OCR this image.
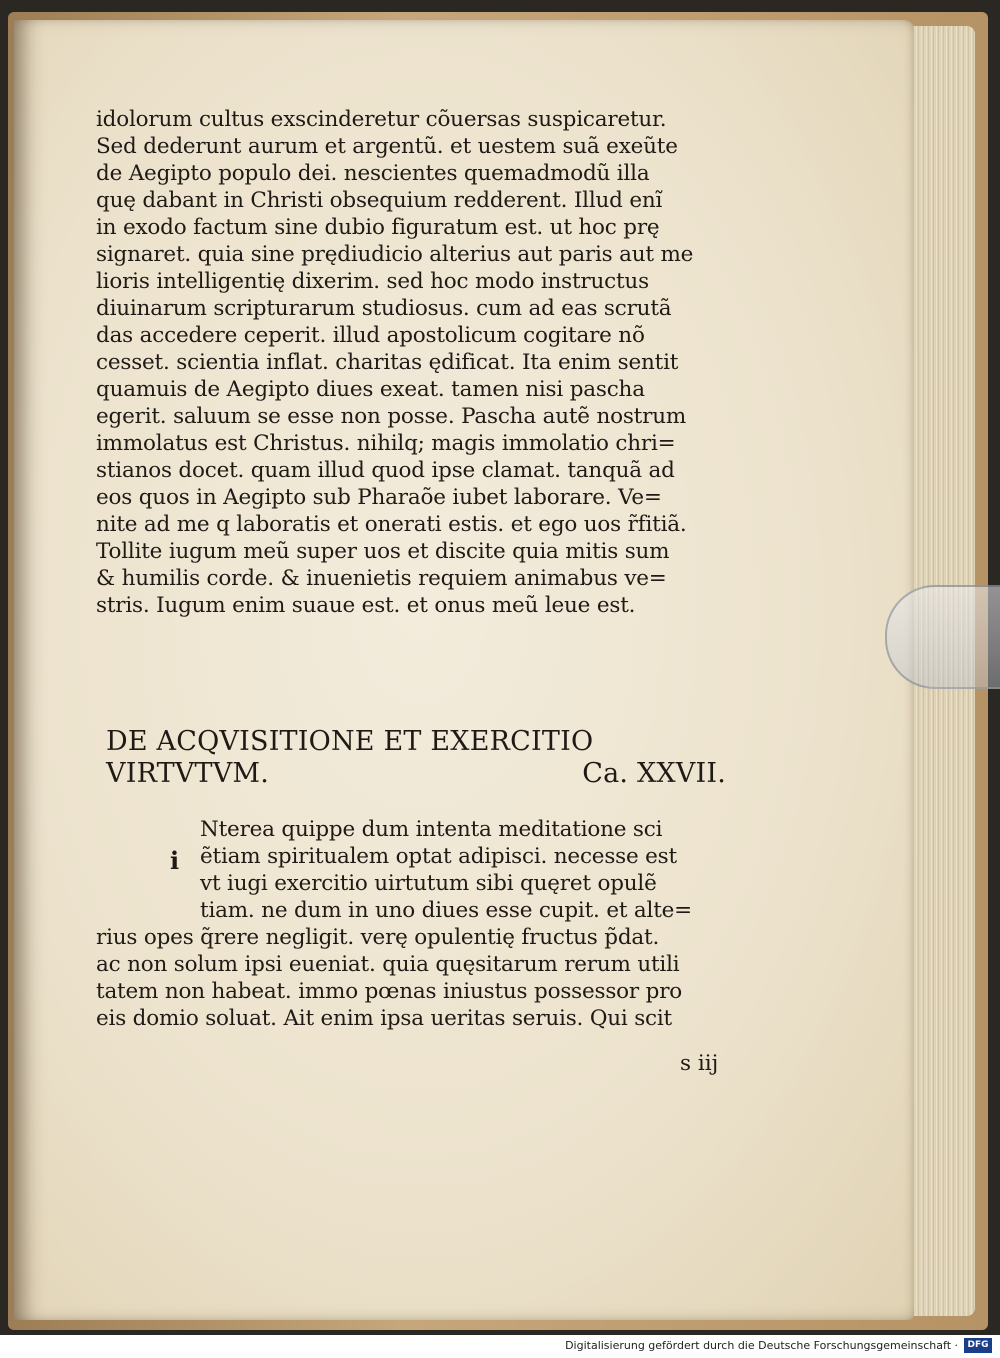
idolorum cultus exscinderetur cõuersas suspicaretur.
Sed dederunt aurum et argentũ. et uestem suã exeũte
de Aegipto populo dei. nescientes quemadmodũ illa
quę dabant in Christi obsequium redderent. Illud enĩ
in exodo factum sine dubio figuratum est. ut hoc prę
signaret. quia sine prędiudicio alterius aut paris aut me
lioris intelligentię dixerim. sed hoc modo instructus
diuinarum scripturarum studiosus. cum ad eas scrutã
das accedere ceperit. illud apostolicum cogitare nõ
cesset. scientia inflat. charitas ędificat. Ita enim sentit
quamuis de Aegipto diues exeat. tamen nisi pascha
egerit. saluum se esse non posse. Pascha autẽ nostrum
immolatus est Christus. nihilq; magis immolatio chri=
stianos docet. quam illud quod ipse clamat. tanquã ad
eos quos in Aegipto sub Pharaõe iubet laborare. Ve=
nite ad me q laboratis et onerati estis. et ego uos r̃fitiã.
Tollite iugum meũ super uos et discite quia mitis sum
& humilis corde. & inuenietis requiem animabus ve=
stris. Iugum enim suaue est. et onus meũ leue est.
DE ACQVISITIONE ET EXERCITIO
VIRTVTVM.	Ca. XXVII.
i
Nterea quippe dum intenta meditatione sci
ẽtiam spiritualem optat adipisci. necesse est
vt iugi exercitio uirtutum sibi quęret opulẽ
tiam. ne dum in uno diues esse cupit. et alte=
rius opes q̃rere negligit. verę opulentię fructus p̃dat.
ac non solum ipsi eueniat. quia quęsitarum rerum utili
tatem non habeat. immo pœnas iniustus possessor pro
eis domio soluat. Ait enim ipsa ueritas seruis. Qui scit
s iij
Digitalisierung gefördert durch die Deutsche Forschungsgemeinschaft ·	DFG
